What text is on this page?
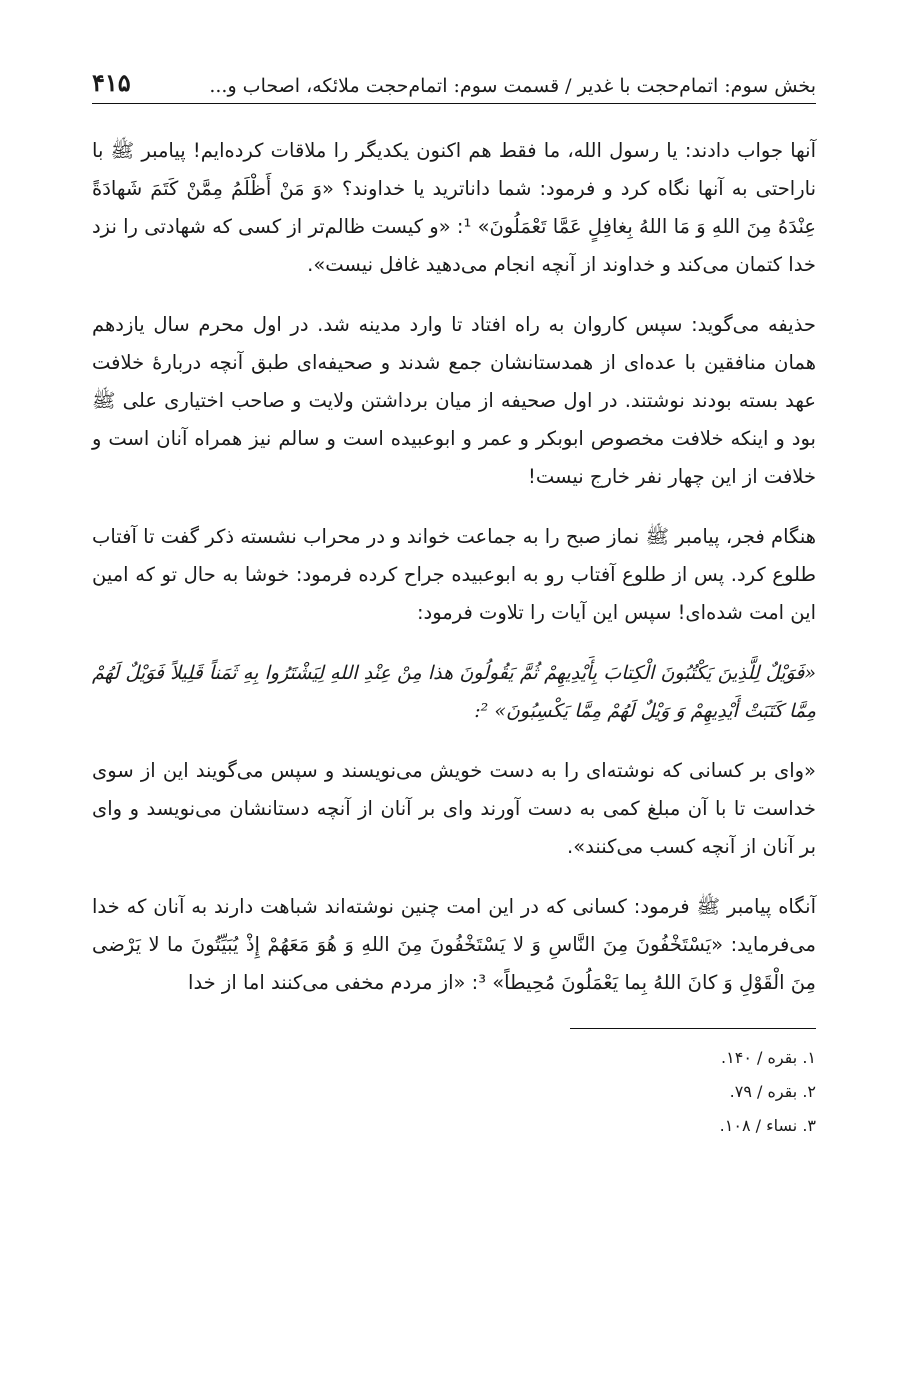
بخش سوم: اتمام‌حجت با غدیر / قسمت سوم: اتمام‌حجت ملائکه، اصحاب و...
۴۱۵

آنها جواب دادند: یا رسول الله، ما فقط هم اکنون یکدیگر را ملاقات کرده‌ایم! پیامبر ﷺ با ناراحتی به آنها نگاه کرد و فرمود: شما داناترید یا خداوند؟ «وَ مَنْ أَظْلَمُ مِمَّنْ كَتَمَ شَهادَةً عِنْدَهُ مِنَ اللهِ وَ مَا اللهُ بِغافِلٍ عَمَّا تَعْمَلُونَ» ¹: «و کیست ظالم‌تر از کسی که شهادتی را نزد خدا کتمان می‌کند و خداوند از آنچه انجام می‌دهید غافل نیست».

حذیفه می‌گوید: سپس کاروان به راه افتاد تا وارد مدینه شد. در اول محرم سال یازدهم همان منافقین با عده‌ای از همدستانشان جمع شدند و صحیفه‌ای طبق آنچه دربارهٔ خلافت عهد بسته بودند نوشتند. در اول صحیفه از میان برداشتن ولایت و صاحب اختیاری علی ﷺ بود و اینکه خلافت مخصوص ابوبکر و عمر و ابوعبیده است و سالم نیز همراه آنان است و خلافت از این چهار نفر خارج نیست!

هنگام فجر، پیامبر ﷺ نماز صبح را به جماعت خواند و در محراب نشسته ذکر گفت تا آفتاب طلوع کرد. پس از طلوع آفتاب رو به ابوعبیده جراح کرده فرمود: خوشا به حال تو که امین این امت شده‌ای! سپس این آیات را تلاوت فرمود:

«فَوَيْلٌ لِلَّذِينَ يَكْتُبُونَ الْكِتابَ بِأَيْدِيهِمْ ثُمَّ يَقُولُونَ هذا مِنْ عِنْدِ اللهِ لِيَشْتَرُوا بِهِ ثَمَناً قَلِيلاً فَوَيْلٌ لَهُمْ مِمَّا كَتَبَتْ أَيْدِيهِمْ وَ وَيْلٌ لَهُمْ مِمَّا يَكْسِبُونَ» ²:

«وای بر کسانی که نوشته‌ای را به دست خویش می‌نویسند و سپس می‌گویند این از سوی خداست تا با آن مبلغ کمی به دست آورند وای بر آنان از آنچه دستانشان می‌نویسد و وای بر آنان از آنچه کسب می‌کنند».

آنگاه پیامبر ﷺ فرمود: کسانی که در این امت چنین نوشته‌اند شباهت دارند به آنان که خدا می‌فرماید: «يَسْتَخْفُونَ مِنَ النَّاسِ وَ لا يَسْتَخْفُونَ مِنَ اللهِ وَ هُوَ مَعَهُمْ إِذْ يُبَيِّتُونَ ما لا يَرْضى مِنَ الْقَوْلِ وَ كانَ اللهُ بِما يَعْمَلُونَ مُحِيطاً» ³: «از مردم مخفی می‌کنند اما از خدا

۱. بقره / ۱۴۰.
۲. بقره / ۷۹.
۳. نساء / ۱۰۸.
